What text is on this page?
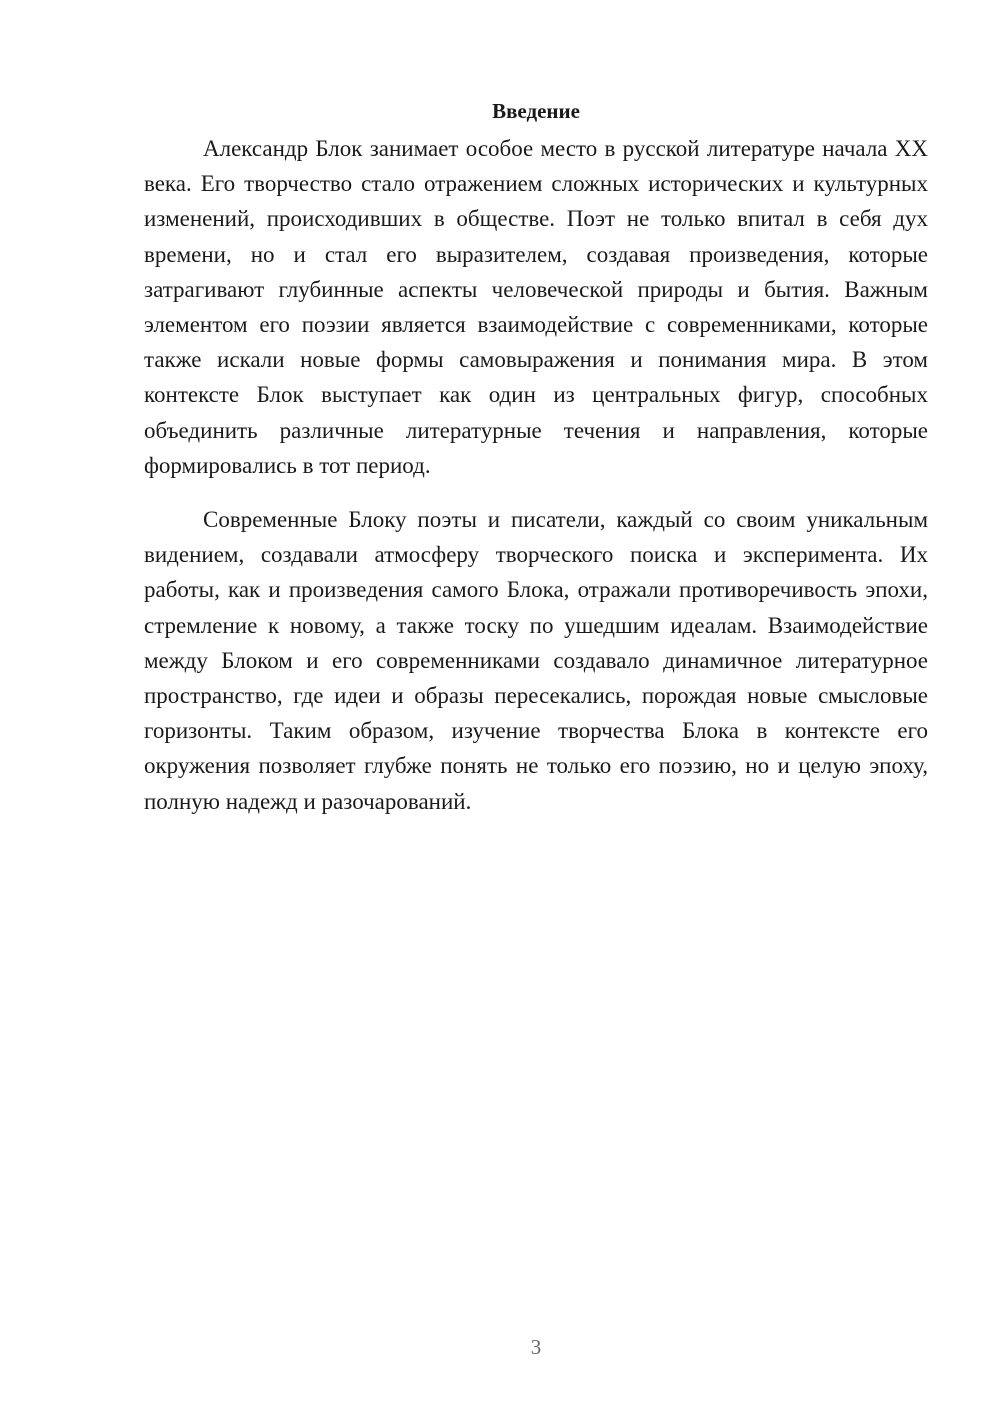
Введение

Александр Блок занимает особое место в русской литературе начала XX века. Его творчество стало отражением сложных исторических и культурных изменений, происходивших в обществе. Поэт не только впитал в себя дух времени, но и стал его выразителем, создавая произведения, которые затрагивают глубинные аспекты человеческой природы и бытия. Важным элементом его поэзии является взаимодействие с современниками, которые также искали новые формы самовыражения и понимания мира. В этом контексте Блок выступает как один из центральных фигур, способных объединить различные литературные течения и направления, которые формировались в тот период.

Современные Блоку поэты и писатели, каждый со своим уникальным видением, создавали атмосферу творческого поиска и эксперимента. Их работы, как и произведения самого Блока, отражали противоречивость эпохи, стремление к новому, а также тоску по ушедшим идеалам. Взаимодействие между Блоком и его современниками создавало динамичное литературное пространство, где идеи и образы пересекались, порождая новые смысловые горизонты. Таким образом, изучение творчества Блока в контексте его окружения позволяет глубже понять не только его поэзию, но и целую эпоху, полную надежд и разочарований.

3
